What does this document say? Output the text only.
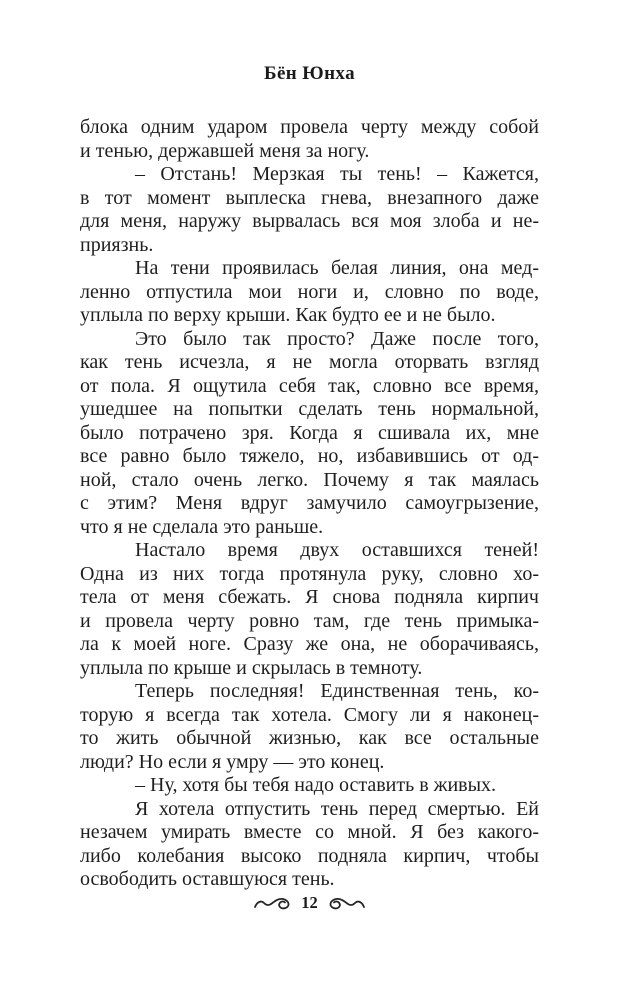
Бён Юнха
блока одним ударом провела черту между собой
и тенью, державшей меня за ногу.
– Отстань! Мерзкая ты тень! – Кажется,
в тот момент выплеска гнева, внезапного даже
для меня, наружу вырвалась вся моя злоба и не-
приязнь.
На тени проявилась белая линия, она мед-
ленно отпустила мои ноги и, словно по воде,
уплыла по верху крыши. Как будто ее и не было.
Это было так просто? Даже после того,
как тень исчезла, я не могла оторвать взгляд
от пола. Я ощутила себя так, словно все время,
ушедшее на попытки сделать тень нормальной,
было потрачено зря. Когда я сшивала их, мне
все равно было тяжело, но, избавившись от од-
ной, стало очень легко. Почему я так маялась
с этим? Меня вдруг замучило самоугрызение,
что я не сделала это раньше.
Настало время двух оставшихся теней!
Одна из них тогда протянула руку, словно хо-
тела от меня сбежать. Я снова подняла кирпич
и провела черту ровно там, где тень примыка-
ла к моей ноге. Сразу же она, не оборачиваясь,
уплыла по крыше и скрылась в темноту.
Теперь последняя! Единственная тень, ко-
торую я всегда так хотела. Смогу ли я наконец-
то жить обычной жизнью, как все остальные
люди? Но если я умру — это конец.
– Ну, хотя бы тебя надо оставить в живых.
Я хотела отпустить тень перед смертью. Ей
незачем умирать вместе со мной. Я без какого-
либо колебания высоко подняла кирпич, чтобы
освободить оставшуюся тень.
12
